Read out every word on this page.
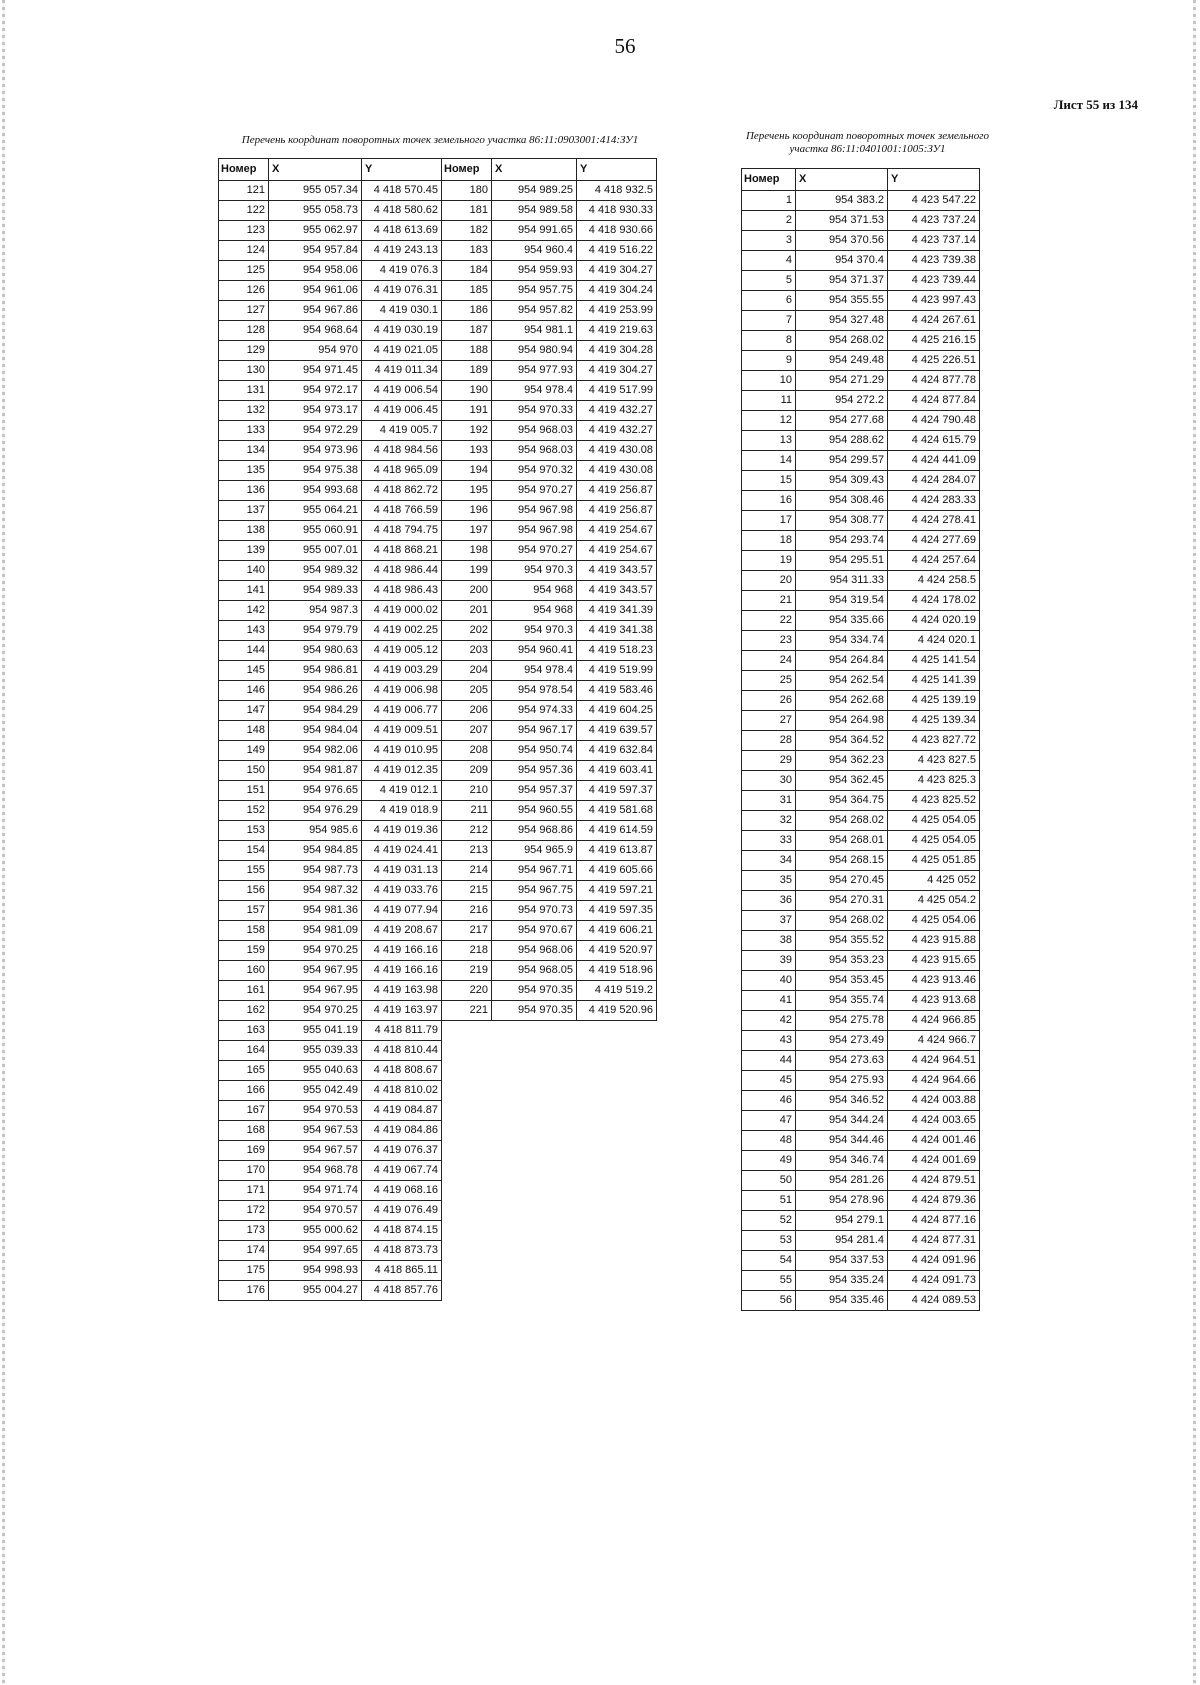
56
Лист 55 из 134
Перечень координат поворотных точек земельного участка 86:11:0903001:414:ЗУ1	Перечень координат поворотных точек земельного участка 86:11:0401001:1005:ЗУ1
Номер	X	Y	Номер	X	Y
121	955 057.34	4 418 570.45	180	954 989.25	4 418 932.5
122	955 058.73	4 418 580.62	181	954 989.58	4 418 930.33
123	955 062.97	4 418 613.69	182	954 991.65	4 418 930.66
124	954 957.84	4 419 243.13	183	954 960.4	4 419 516.22
125	954 958.06	4 419 076.3	184	954 959.93	4 419 304.27
126	954 961.06	4 419 076.31	185	954 957.75	4 419 304.24
127	954 967.86	4 419 030.1	186	954 957.82	4 419 253.99
128	954 968.64	4 419 030.19	187	954 981.1	4 419 219.63
129	954 970	4 419 021.05	188	954 980.94	4 419 304.28
130	954 971.45	4 419 011.34	189	954 977.93	4 419 304.27
131	954 972.17	4 419 006.54	190	954 978.4	4 419 517.99
132	954 973.17	4 419 006.45	191	954 970.33	4 419 432.27
133	954 972.29	4 419 005.7	192	954 968.03	4 419 432.27
134	954 973.96	4 418 984.56	193	954 968.03	4 419 430.08
135	954 975.38	4 418 965.09	194	954 970.32	4 419 430.08
136	954 993.68	4 418 862.72	195	954 970.27	4 419 256.87
137	955 064.21	4 418 766.59	196	954 967.98	4 419 256.87
138	955 060.91	4 418 794.75	197	954 967.98	4 419 254.67
139	955 007.01	4 418 868.21	198	954 970.27	4 419 254.67
140	954 989.32	4 418 986.44	199	954 970.3	4 419 343.57
141	954 989.33	4 418 986.43	200	954 968	4 419 343.57
142	954 987.3	4 419 000.02	201	954 968	4 419 341.39
143	954 979.79	4 419 002.25	202	954 970.3	4 419 341.38
144	954 980.63	4 419 005.12	203	954 960.41	4 419 518.23
145	954 986.81	4 419 003.29	204	954 978.4	4 419 519.99
146	954 986.26	4 419 006.98	205	954 978.54	4 419 583.46
147	954 984.29	4 419 006.77	206	954 974.33	4 419 604.25
148	954 984.04	4 419 009.51	207	954 967.17	4 419 639.57
149	954 982.06	4 419 010.95	208	954 950.74	4 419 632.84
150	954 981.87	4 419 012.35	209	954 957.36	4 419 603.41
151	954 976.65	4 419 012.1	210	954 957.37	4 419 597.37
152	954 976.29	4 419 018.9	211	954 960.55	4 419 581.68
153	954 985.6	4 419 019.36	212	954 968.86	4 419 614.59
154	954 984.85	4 419 024.41	213	954 965.9	4 419 613.87
155	954 987.73	4 419 031.13	214	954 967.71	4 419 605.66
156	954 987.32	4 419 033.76	215	954 967.75	4 419 597.21
157	954 981.36	4 419 077.94	216	954 970.73	4 419 597.35
158	954 981.09	4 419 208.67	217	954 970.67	4 419 606.21
159	954 970.25	4 419 166.16	218	954 968.06	4 419 520.97
160	954 967.95	4 419 166.16	219	954 968.05	4 419 518.96
161	954 967.95	4 419 163.98	220	954 970.35	4 419 519.2
162	954 970.25	4 419 163.97	221	954 970.35	4 419 520.96
163	955 041.19	4 418 811.79			
164	955 039.33	4 418 810.44			
165	955 040.63	4 418 808.67			
166	955 042.49	4 418 810.02			
167	954 970.53	4 419 084.87			
168	954 967.53	4 419 084.86			
169	954 967.57	4 419 076.37			
170	954 968.78	4 419 067.74			
171	954 971.74	4 419 068.16			
172	954 970.57	4 419 076.49			
173	955 000.62	4 418 874.15			
174	954 997.65	4 418 873.73			
175	954 998.93	4 418 865.11			
176	955 004.27	4 418 857.76			
Номер	X	Y
1	954 383.2	4 423 547.22
2	954 371.53	4 423 737.24
3	954 370.56	4 423 737.14
4	954 370.4	4 423 739.38
5	954 371.37	4 423 739.44
6	954 355.55	4 423 997.43
7	954 327.48	4 424 267.61
8	954 268.02	4 425 216.15
9	954 249.48	4 425 226.51
10	954 271.29	4 424 877.78
11	954 272.2	4 424 877.84
12	954 277.68	4 424 790.48
13	954 288.62	4 424 615.79
14	954 299.57	4 424 441.09
15	954 309.43	4 424 284.07
16	954 308.46	4 424 283.33
17	954 308.77	4 424 278.41
18	954 293.74	4 424 277.69
19	954 295.51	4 424 257.64
20	954 311.33	4 424 258.5
21	954 319.54	4 424 178.02
22	954 335.66	4 424 020.19
23	954 334.74	4 424 020.1
24	954 264.84	4 425 141.54
25	954 262.54	4 425 141.39
26	954 262.68	4 425 139.19
27	954 264.98	4 425 139.34
28	954 364.52	4 423 827.72
29	954 362.23	4 423 827.5
30	954 362.45	4 423 825.3
31	954 364.75	4 423 825.52
32	954 268.02	4 425 054.05
33	954 268.01	4 425 054.05
34	954 268.15	4 425 051.85
35	954 270.45	4 425 052
36	954 270.31	4 425 054.2
37	954 268.02	4 425 054.06
38	954 355.52	4 423 915.88
39	954 353.23	4 423 915.65
40	954 353.45	4 423 913.46
41	954 355.74	4 423 913.68
42	954 275.78	4 424 966.85
43	954 273.49	4 424 966.7
44	954 273.63	4 424 964.51
45	954 275.93	4 424 964.66
46	954 346.52	4 424 003.88
47	954 344.24	4 424 003.65
48	954 344.46	4 424 001.46
49	954 346.74	4 424 001.69
50	954 281.26	4 424 879.51
51	954 278.96	4 424 879.36
52	954 279.1	4 424 877.16
53	954 281.4	4 424 877.31
54	954 337.53	4 424 091.96
55	954 335.24	4 424 091.73
56	954 335.46	4 424 089.53
